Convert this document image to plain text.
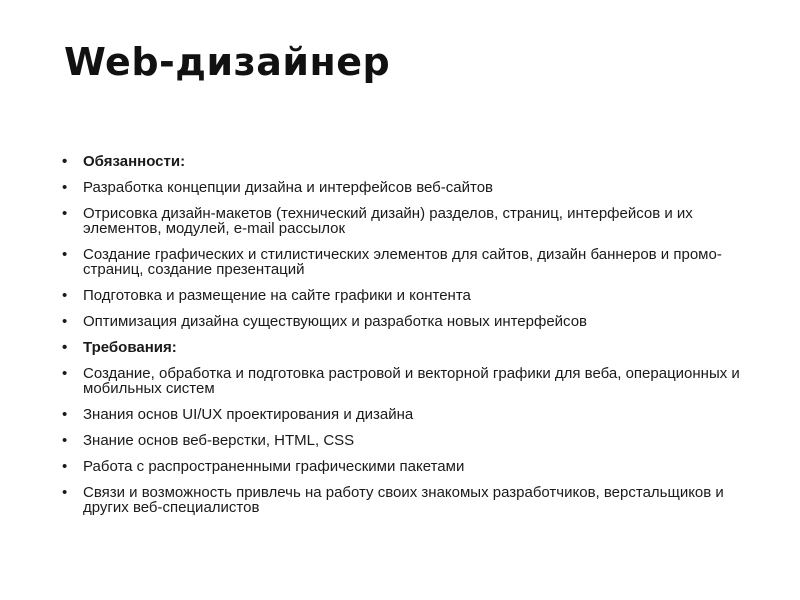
Web-дизайнер
• Обязанности:
• Разработка концепции дизайна и интерфейсов веб-сайтов
• Отрисовка дизайн-макетов (технический дизайн) разделов, страниц, интерфейсов и их элементов, модулей, e-mail рассылок
• Создание графических и стилистических элементов для сайтов, дизайн баннеров и промо-страниц, создание презентаций
• Подготовка и размещение на сайте графики и контента
• Оптимизация дизайна существующих и разработка новых интерфейсов
• Требования:
• Создание, обработка и подготовка растровой и векторной графики для веба, операционных и мобильных систем
• Знания основ UI/UX проектирования и дизайна
• Знание основ веб-верстки, HTML, CSS
• Работа с распространенными графическими пакетами
• Связи и возможность привлечь на работу своих знакомых разработчиков, верстальщиков и других веб-специалистов
